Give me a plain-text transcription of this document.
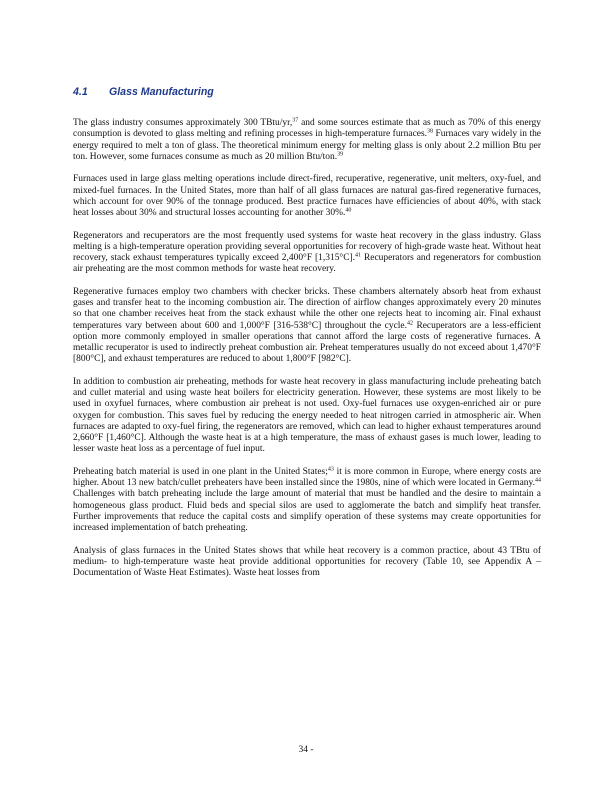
4.1 Glass Manufacturing

The glass industry consumes approximately 300 TBtu/yr,$^{37}$ and some sources estimate that as much as 70% of this energy consumption is devoted to glass melting and refining processes in high-temperature furnaces.$^{38}$ Furnaces vary widely in the energy required to melt a ton of glass. The theoretical minimum energy for melting glass is only about 2.2 million Btu per ton. However, some furnaces consume as much as 20 million Btu/ton.$^{39}$

Furnaces used in large glass melting operations include direct-fired, recuperative, regenerative, unit melters, oxy-fuel, and mixed-fuel furnaces. In the United States, more than half of all glass furnaces are natural gas-fired regenerative furnaces, which account for over 90% of the tonnage produced. Best practice furnaces have efficiencies of about 40%, with stack heat losses about 30% and structural losses accounting for another 30%.$^{40}$

Regenerators and recuperators are the most frequently used systems for waste heat recovery in the glass industry. Glass melting is a high-temperature operation providing several opportunities for recovery of high-grade waste heat. Without heat recovery, stack exhaust temperatures typically exceed 2,400°F [1,315°C].$^{41}$ Recuperators and regenerators for combustion air preheating are the most common methods for waste heat recovery.

Regenerative furnaces employ two chambers with checker bricks. These chambers alternately absorb heat from exhaust gases and transfer heat to the incoming combustion air. The direction of airflow changes approximately every 20 minutes so that one chamber receives heat from the stack exhaust while the other one rejects heat to incoming air. Final exhaust temperatures vary between about 600 and 1,000°F [316-538°C] throughout the cycle.$^{42}$ Recuperators are a less-efficient option more commonly employed in smaller operations that cannot afford the large costs of regenerative furnaces. A metallic recuperator is used to indirectly preheat combustion air. Preheat temperatures usually do not exceed about 1,470°F [800°C], and exhaust temperatures are reduced to about 1,800°F [982°C].

In addition to combustion air preheating, methods for waste heat recovery in glass manufacturing include preheating batch and cullet material and using waste heat boilers for electricity generation. However, these systems are most likely to be used in oxyfuel furnaces, where combustion air preheat is not used. Oxy-fuel furnaces use oxygen-enriched air or pure oxygen for combustion. This saves fuel by reducing the energy needed to heat nitrogen carried in atmospheric air. When furnaces are adapted to oxy-fuel firing, the regenerators are removed, which can lead to higher exhaust temperatures around 2,660°F [1,460°C]. Although the waste heat is at a high temperature, the mass of exhaust gases is much lower, leading to lesser waste heat loss as a percentage of fuel input.

Preheating batch material is used in one plant in the United States;$^{43}$ it is more common in Europe, where energy costs are higher. About 13 new batch/cullet preheaters have been installed since the 1980s, nine of which were located in Germany.$^{44}$ Challenges with batch preheating include the large amount of material that must be handled and the desire to maintain a homogeneous glass product. Fluid beds and special silos are used to agglomerate the batch and simplify heat transfer. Further improvements that reduce the capital costs and simplify operation of these systems may create opportunities for increased implementation of batch preheating.

Analysis of glass furnaces in the United States shows that while heat recovery is a common practice, about 43 TBtu of medium- to high-temperature waste heat provide additional opportunities for recovery (Table 10, see Appendix A – Documentation of Waste Heat Estimates). Waste heat losses from

34 -
